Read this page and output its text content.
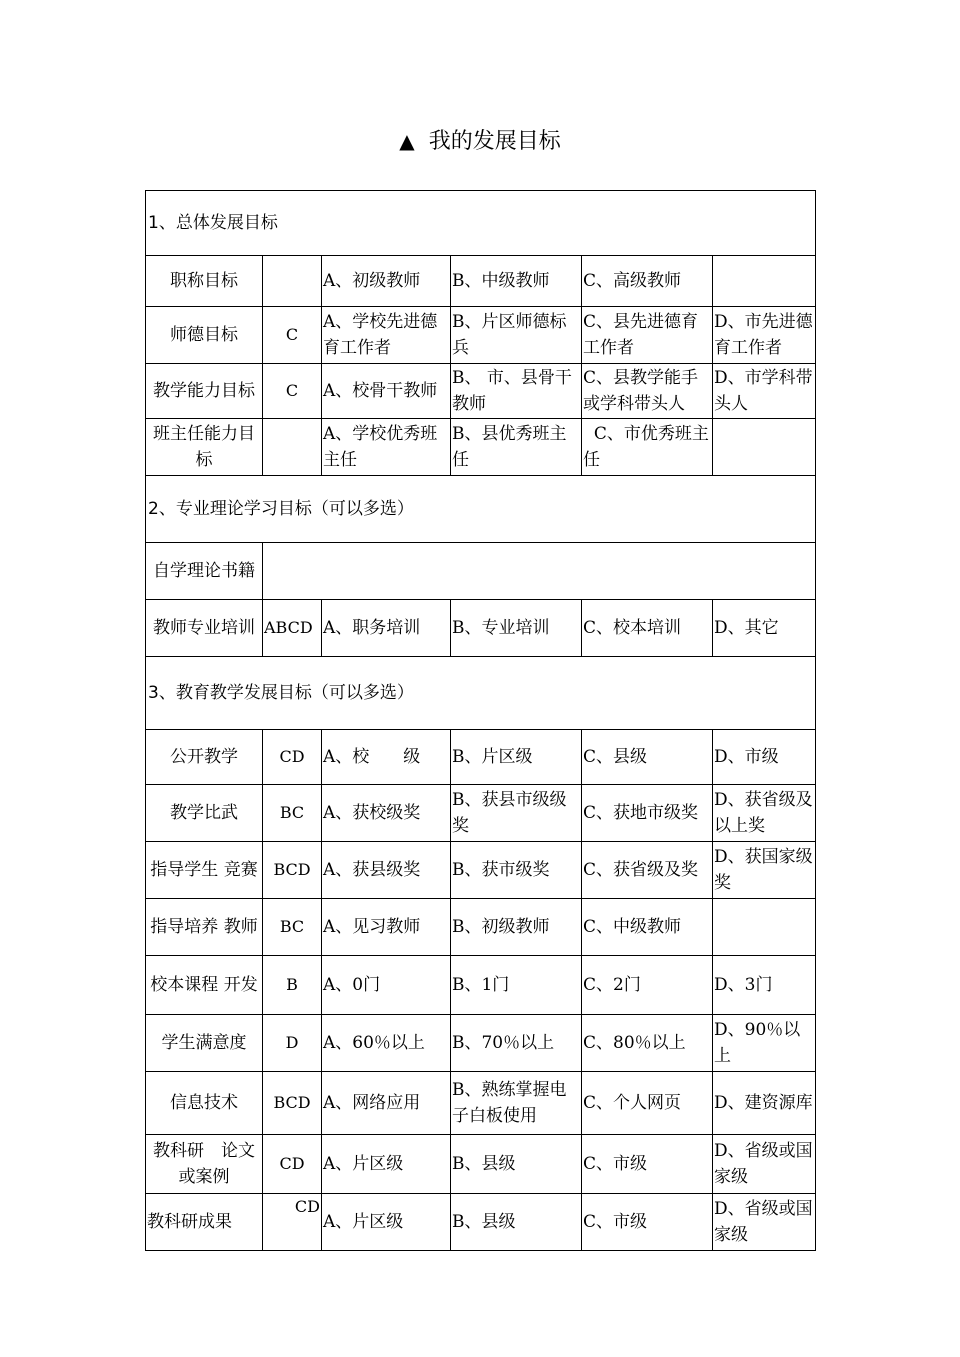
▲ 我的发展目标
1、总体发展目标					
职称目标		A、初级教师	B、中级教师	C、高级教师	
师德目标	C	A、学校先进德育工作者	B、片区师德标兵	C、县先进德育工作者	D、市先进德育工作者
教学能力目标	C	A、校骨干教师	B、 市、县骨干教师	C、县教学能手或学科带头人	D、市学科带头人
班主任能力目标		A、学校优秀班主任	B、县优秀班主任	C、市优秀班主任	
2、专业理论学习目标（可以多选）					
自学理论书籍					
教师专业培训	ABCD	A、职务培训	B、专业培训	C、校本培训	D、其它
3、教育教学发展目标（可以多选）					
公开教学	CD	A、校　　级	B、片区级	C、县级	D、市级
教学比武	BC	A、获校级奖	B、获县市级级奖	C、获地市级奖	D、获省级及以上奖
指导学生 竞赛	BCD	A、获县级奖	B、获市级奖	C、获省级及奖	D、获国家级奖
指导培养 教师	BC	A、见习教师	B、初级教师	C、中级教师	
校本课程 开发	B	A、0门	B、1门	C、2门	D、3门
学生满意度	D	A、60％以上	B、70％以上	C、80％以上	D、90％以上
信息技术	BCD	A、网络应用	B、熟练掌握电子白板使用	C、个人网页	D、建资源库
教科研　论文或案例	CD	A、片区级	B、县级	C、市级	D、省级或国家级
教科研成果	CD	A、片区级	B、县级	C、市级	D、省级或国家级
